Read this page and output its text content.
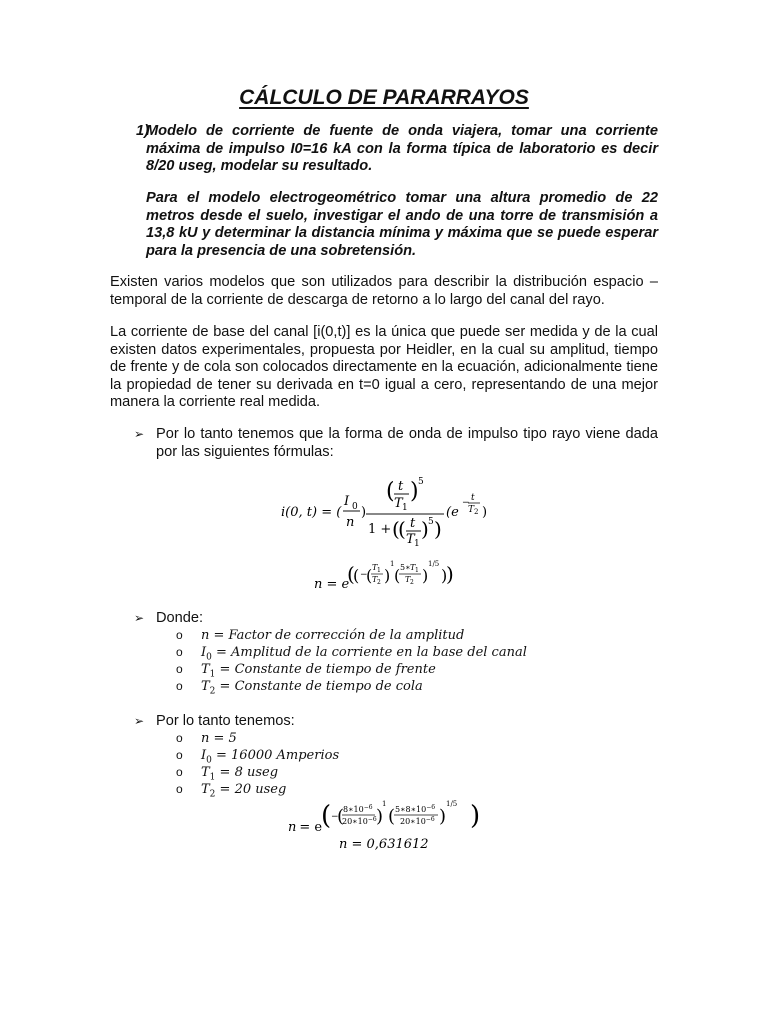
CÁLCULO DE PARARRAYOS
1)
Modelo de corriente de fuente de onda viajera, tomar una corriente máxima de impulso I0=16 kA con la forma típica de laboratorio es decir 8/20 useg, modelar su resultado.
Para el modelo electrogeométrico tomar una altura promedio de 22 metros desde el suelo, investigar el ando de una torre de transmisión a 13,8 kU y determinar la distancia mínima y máxima que se puede esperar para la presencia de una sobretensión.
Existen varios modelos que son utilizados para describir la distribución espacio – temporal de la corriente de descarga de retorno a lo largo del canal del rayo.
La corriente de base del canal [i(0,t)] es la única que puede ser medida y de la cual existen datos experimentales, propuesta por Heidler, en la cual su amplitud, tiempo de frente y de cola son colocados directamente en la ecuación, adicionalmente tiene la propiedad de tener su derivada en t=0 igual a cero, representando de una mejor manera la corriente real medida.
➢ Por lo tanto tenemos que la forma de onda de impulso tipo rayo viene dada por las siguientes fórmulas:
i(0, t) = (
I 0
n
)
( t
T 1
) 5
1 + (
( t
T 1
) 5 )
(e
− t
T 2 )
n = e
(
( −
( T 1
T 2 )
1
( 5∗ T 1
T 2 )
1/5
)
)
➢ Donde:
o n = Factor de corrección de la amplitud
o $I_0$ = Amplitud de la corriente en la base del canal
o $T_1$ = Constante de tiempo de frente
o $T_2$ = Constante de tiempo de cola
➢ Por lo tanto tenemos:
o n = 5
o $I_0 = 16000$ Amperios
o $T_1 = 8$ useg
o $T_2 = 20$ useg
n = e
( −
(
$8∗10^{-6}$
$20∗10^{-6}$ )
1
( $5∗8∗10^{-6}$
$20∗10^{-6}$ )
1/5 )
n = 0,631612
